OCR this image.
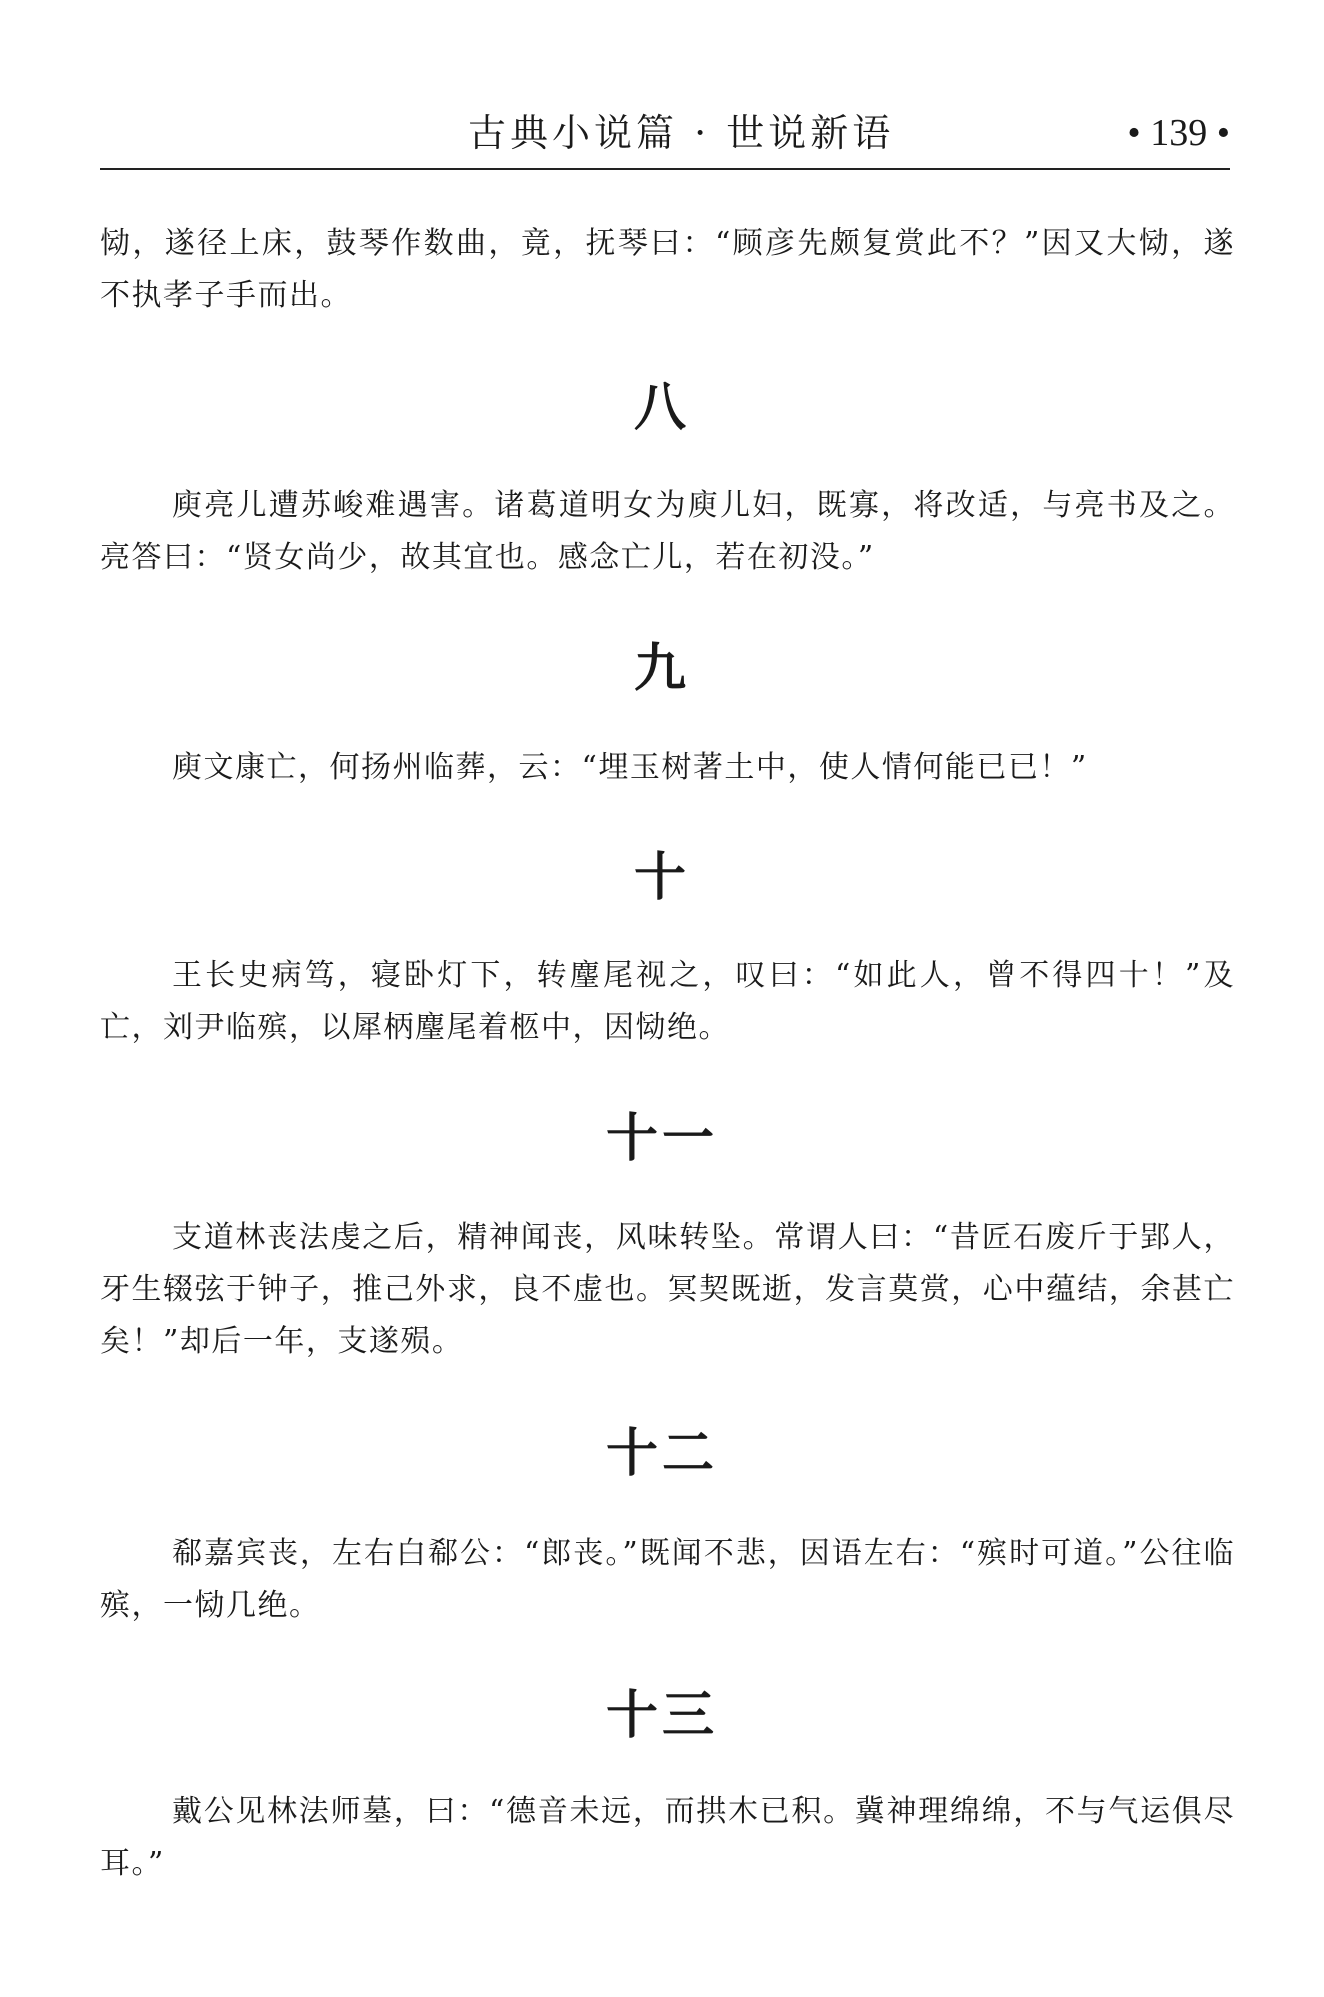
古典小说篇 · 世说新语	• 139 •

恸，遂径上床，鼓琴作数曲，竟，抚琴曰：“顾彦先颇复赏此不？”因又大恸，遂不执孝子手而出。

八

庾亮儿遭苏峻难遇害。诸葛道明女为庾儿妇，既寡，将改适，与亮书及之。亮答曰：“贤女尚少，故其宜也。感念亡儿，若在初没。”

九

庾文康亡，何扬州临葬，云：“埋玉树著土中，使人情何能已已！”

十

王长史病笃，寝卧灯下，转麈尾视之，叹曰：“如此人，曾不得四十！”及亡，刘尹临殡，以犀柄麈尾着柩中，因恸绝。

十一

支道林丧法虔之后，精神闻丧，风味转坠。常谓人曰：“昔匠石废斤于郢人，牙生辍弦于钟子，推己外求，良不虚也。冥契既逝，发言莫赏，心中蕴结，余甚亡矣！”却后一年，支遂殒。

十二

郗嘉宾丧，左右白郗公：“郎丧。”既闻不悲，因语左右：“殡时可道。”公往临殡，一恸几绝。

十三

戴公见林法师墓，曰：“德音未远，而拱木已积。冀神理绵绵，不与气运俱尽耳。”
